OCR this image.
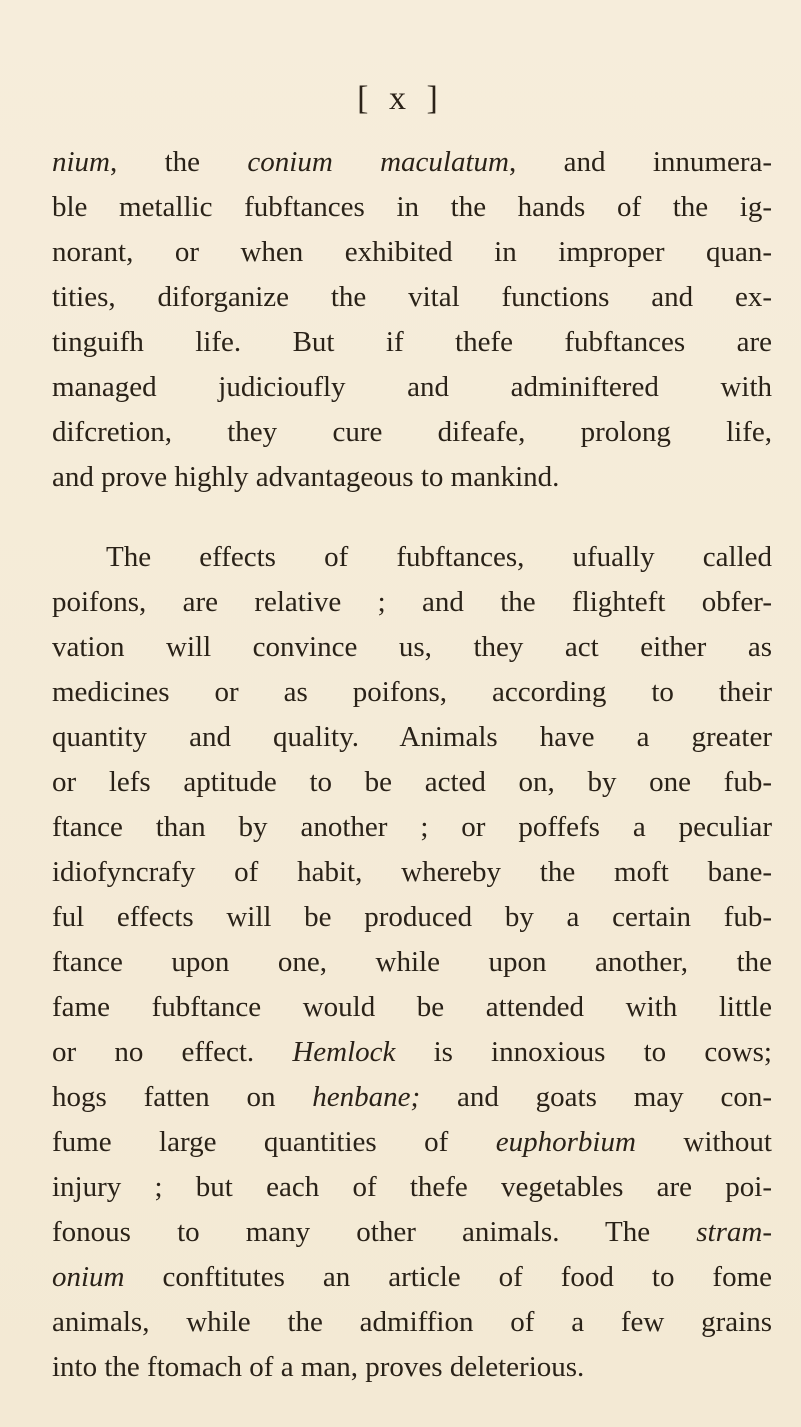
[ x ]
nium, the conium maculatum, and innumera-
ble metallic fubftances in the hands of the ig-
norant, or when exhibited in improper quan-
tities, diforganize the vital functions and ex-
tinguifh life. But if thefe fubftances are
managed judicioufly and adminiftered with
difcretion, they cure difeafe, prolong life,
and prove highly advantageous to mankind.
The effects of fubftances, ufually called
poifons, are relative ; and the flighteft obfer-
vation will convince us, they act either as
medicines or as poifons, according to their
quantity and quality. Animals have a greater
or lefs aptitude to be acted on, by one fub-
ftance than by another ; or poffefs a peculiar
idiofyncrafy of habit, whereby the moft bane-
ful effects will be produced by a certain fub-
ftance upon one, while upon another, the
fame fubftance would be attended with little
or no effect. Hemlock is innoxious to cows;
hogs fatten on henbane; and goats may con-
fume large quantities of euphorbium without
injury ; but each of thefe vegetables are poi-
fonous to many other animals. The stram-
onium conftitutes an article of food to fome
animals, while the admiffion of a few grains
into the ftomach of a man, proves deleterious.
